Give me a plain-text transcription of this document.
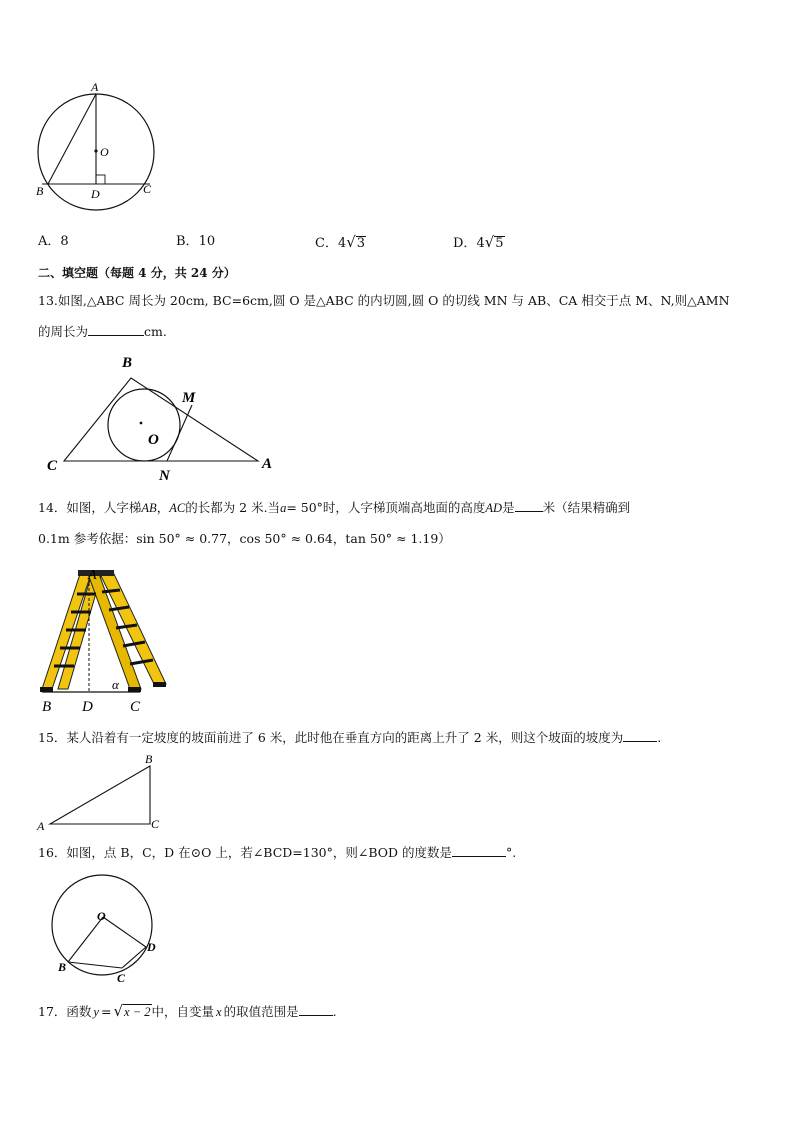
A
O
B	D	C
A．8	B．10	C．4√3	D．4√5
二、填空题（每题 4 分，共 24 分）
13.如图,△ABC 周长为 20cm, BC=6cm,圆 O 是△ABC 的内切圆,圆 O 的切线 MN 与 AB、CA 相交于点 M、N,则△AMN
的周长为	cm.
B
M
O
C
N
A
14．如图，人字梯AB，AC的长都为 2 米.当a= 50°时，人字梯顶端高地面的高度AD是 米（结果精确到
0.1m 参考依据：sin 50° ≈ 0.77，cos 50° ≈ 0.64，tan 50° ≈ 1.19）
A
α
B D C
15．某人沿着有一定坡度的坡面前进了 6 米，此时他在垂直方向的距离上升了 2 米，则这个坡面的坡度为	.
B
A	C
16．如图，点 B，C，D 在⊙O 上，若∠BCD=130°，则∠BOD 的度数是	°.
O
D
B
C
17．函数 y = √x − 2中，自变量 x 的取值范围是	.
